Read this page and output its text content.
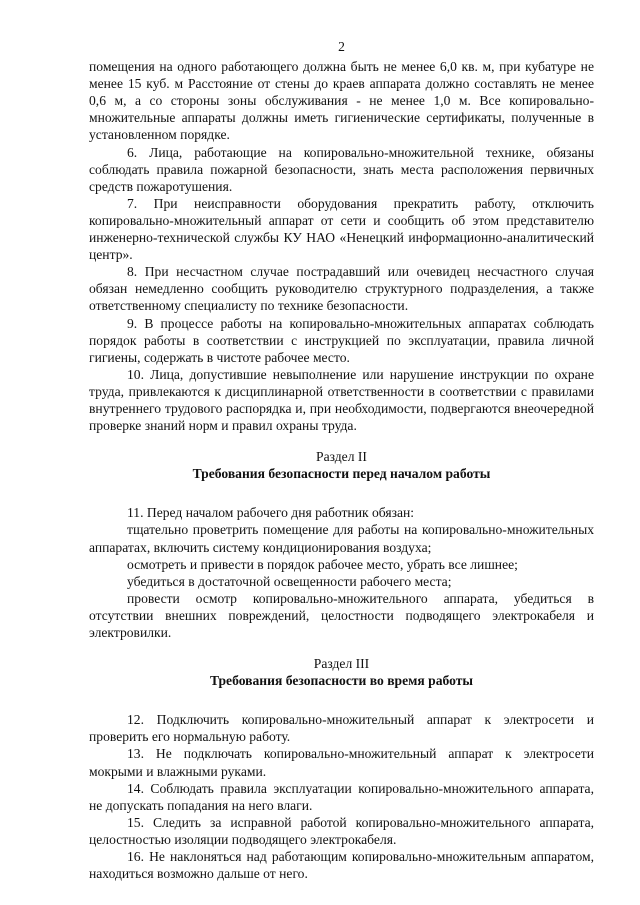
2

помещения на одного работающего должна быть не менее 6,0 кв. м, при кубатуре не менее 15 куб. м Расстояние от стены до краев аппарата должно составлять не менее 0,6 м, а со стороны зоны обслуживания - не менее 1,0 м. Все копировально-множительные аппараты должны иметь гигиенические сертификаты, полученные в установленном порядке.

6. Лица, работающие на копировально-множительной технике, обязаны соблюдать правила пожарной безопасности, знать места расположения первичных средств пожаротушения.

7. При неисправности оборудования прекратить работу, отключить копировально-множительный аппарат от сети и сообщить об этом представителю инженерно-технической службы КУ НАО «Ненецкий информационно-аналитический центр».

8. При несчастном случае пострадавший или очевидец несчастного случая обязан немедленно сообщить руководителю структурного подразделения, а также ответственному специалисту по технике безопасности.

9. В процессе работы на копировально-множительных аппаратах соблюдать порядок работы в соответствии с инструкцией по эксплуатации, правила личной гигиены, содержать в чистоте рабочее место.

10. Лица, допустившие невыполнение или нарушение инструкции по охране труда, привлекаются к дисциплинарной ответственности в соответствии с правилами внутреннего трудового распорядка и, при необходимости, подвергаются внеочередной проверке знаний норм и правил охраны труда.

Раздел II

Требования безопасности перед началом работы

11. Перед началом рабочего дня работник обязан:

тщательно проветрить помещение для работы на копировально-множительных аппаратах, включить систему кондиционирования воздуха;

осмотреть и привести в порядок рабочее место, убрать все лишнее;

убедиться в достаточной освещенности рабочего места;

провести осмотр копировально-множительного аппарата, убедиться в отсутствии внешних повреждений, целостности подводящего электрокабеля и электровилки.

Раздел III

Требования безопасности во время работы

12. Подключить копировально-множительный аппарат к электросети и проверить его нормальную работу.

13. Не подключать копировально-множительный аппарат к электросети мокрыми и влажными руками.

14. Соблюдать правила эксплуатации копировально-множительного аппарата, не допускать попадания на него влаги.

15. Следить за исправной работой копировально-множительного аппарата, целостностью изоляции подводящего электрокабеля.

16. Не наклоняться над работающим копировально-множительным аппаратом, находиться возможно дальше от него.
